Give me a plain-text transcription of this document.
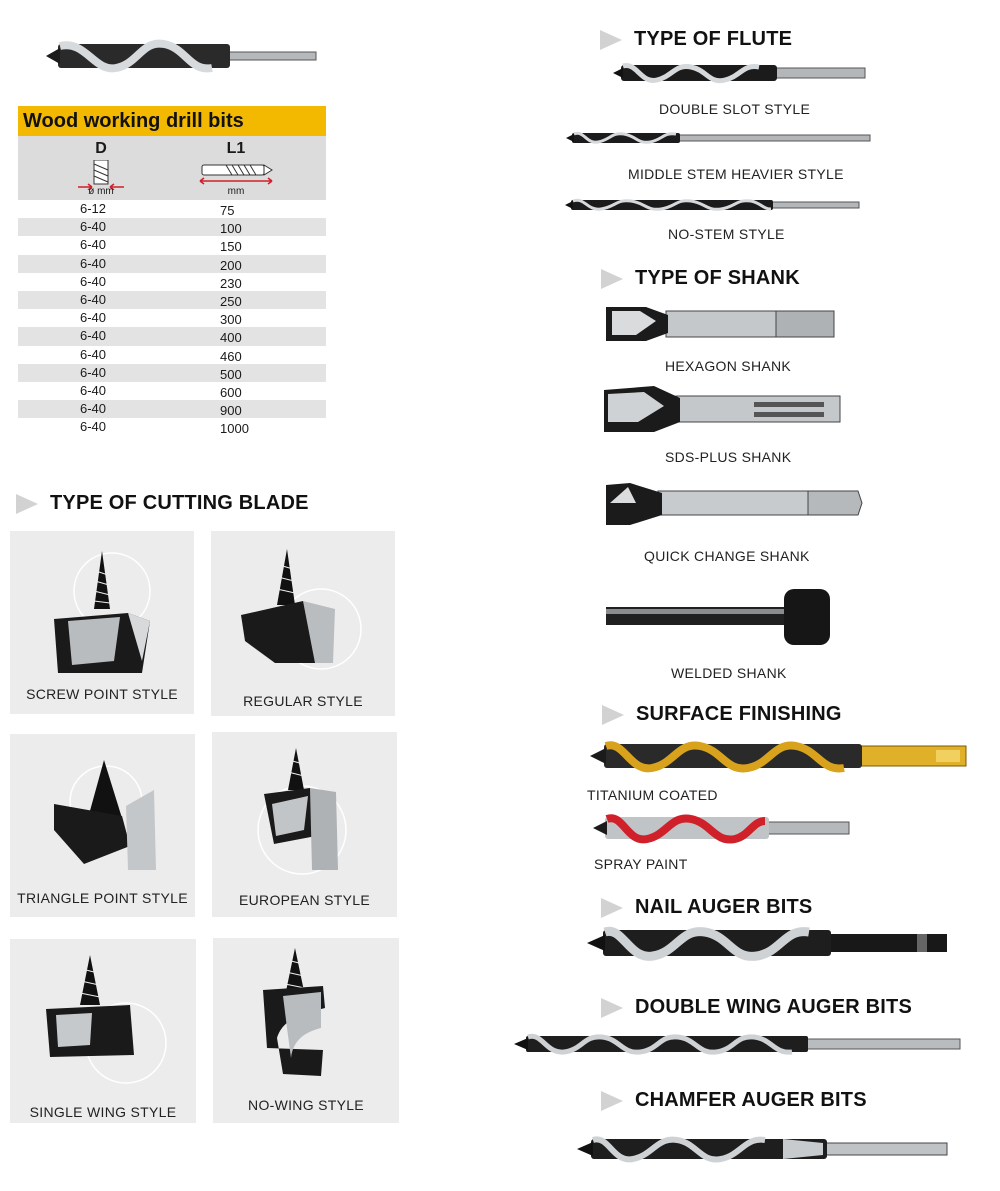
Wood working drill bits
D
ø mm
L1
mm
6-12	75
6-40	100
6-40	150
6-40	200
6-40	230
6-40	250
6-40	300
6-40	400
6-40	460
6-40	500
6-40	600
6-40	900
6-40	1000
TYPE OF CUTTING BLADE
SCREW POINT STYLE	REGULAR STYLE
TRIANGLE POINT STYLE	EUROPEAN STYLE
SINGLE WING STYLE	NO-WING STYLE
TYPE OF FLUTE
DOUBLE SLOT STYLE
MIDDLE STEM HEAVIER STYLE
NO-STEM STYLE
TYPE OF SHANK
HEXAGON SHANK
SDS-PLUS SHANK
QUICK CHANGE SHANK
WELDED SHANK
SURFACE FINISHING
TITANIUM COATED
SPRAY PAINT
NAIL AUGER BITS
DOUBLE WING AUGER BITS
CHAMFER AUGER BITS
